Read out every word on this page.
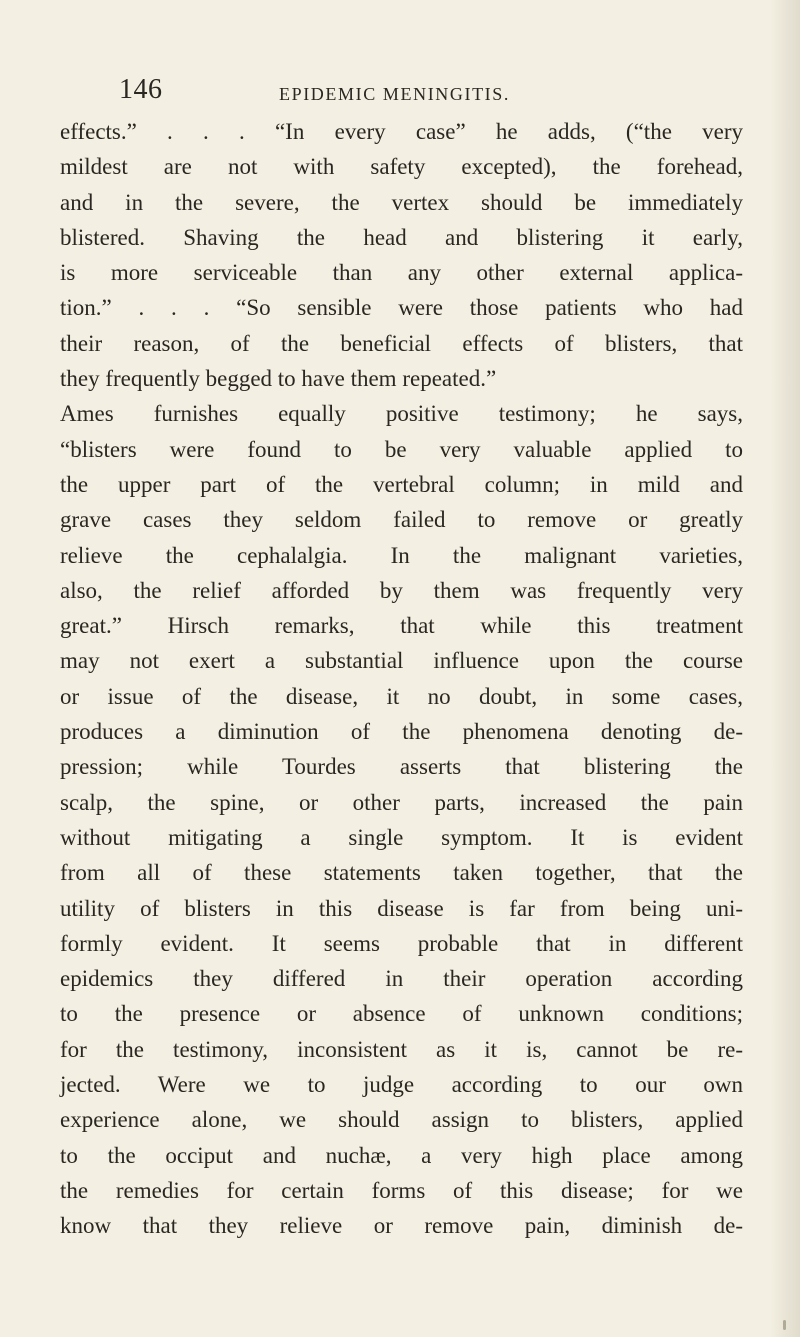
146	EPIDEMIC MENINGITIS.
effects.” . . . “In every case” he adds, (“the very
mildest are not with safety excepted), the forehead,
and in the severe, the vertex should be immediately
blistered. Shaving the head and blistering it early,
is more serviceable than any other external applica-
tion.” . . . “So sensible were those patients who had
their reason, of the beneficial effects of blisters, that
they frequently begged to have them repeated.”
Ames furnishes equally positive testimony; he says,
“blisters were found to be very valuable applied to
the upper part of the vertebral column; in mild and
grave cases they seldom failed to remove or greatly
relieve the cephalalgia. In the malignant varieties,
also, the relief afforded by them was frequently very
great.” Hirsch remarks, that while this treatment
may not exert a substantial influence upon the course
or issue of the disease, it no doubt, in some cases,
produces a diminution of the phenomena denoting de-
pression; while Tourdes asserts that blistering the
scalp, the spine, or other parts, increased the pain
without mitigating a single symptom. It is evident
from all of these statements taken together, that the
utility of blisters in this disease is far from being uni-
formly evident. It seems probable that in different
epidemics they differed in their operation according
to the presence or absence of unknown conditions;
for the testimony, inconsistent as it is, cannot be re-
jected. Were we to judge according to our own
experience alone, we should assign to blisters, applied
to the occiput and nuchæ, a very high place among
the remedies for certain forms of this disease; for we
know that they relieve or remove pain, diminish de-
